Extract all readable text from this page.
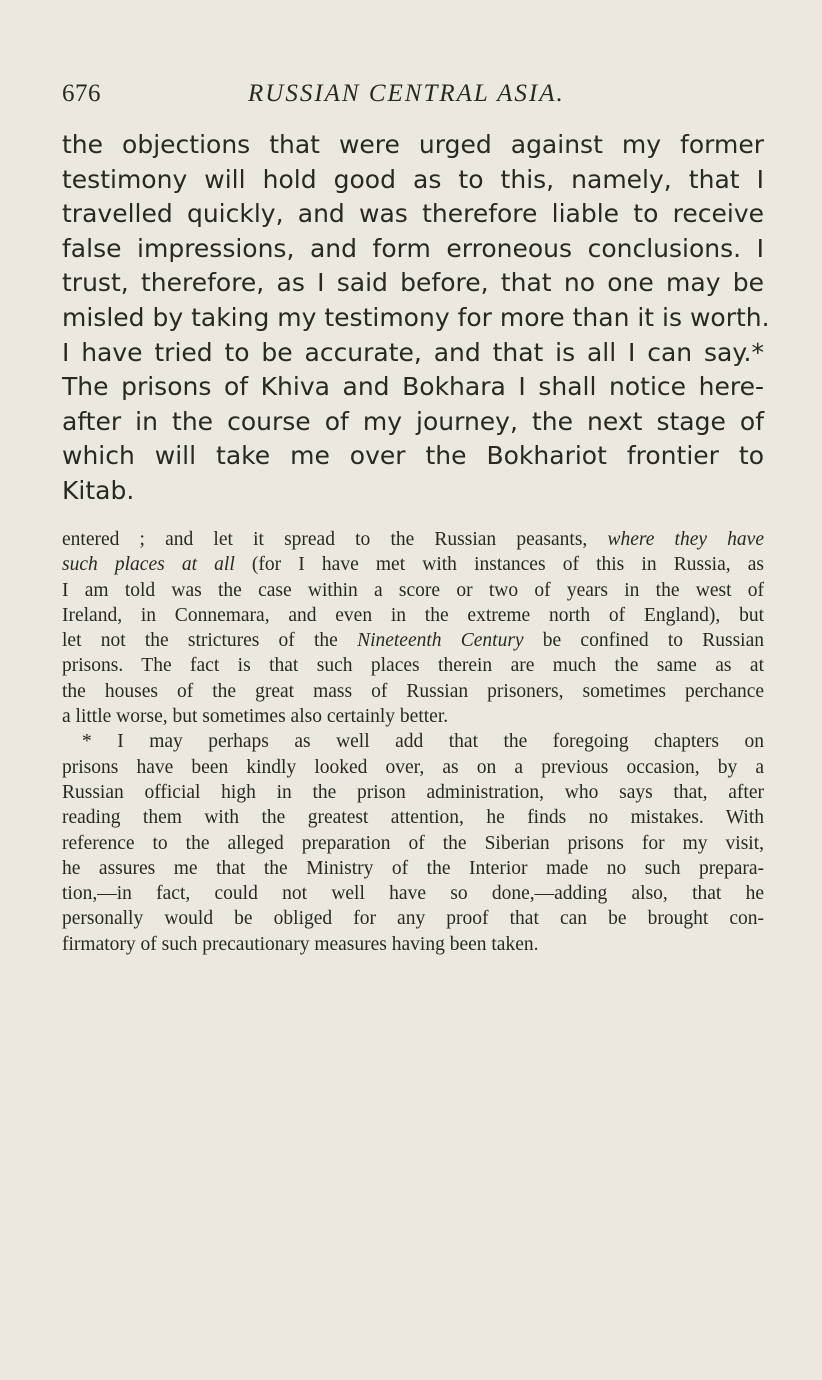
676	RUSSIAN CENTRAL ASIA.
the objections that were urged against my former
testimony will hold good as to this, namely, that I
travelled quickly, and was therefore liable to receive
false impressions, and form erroneous conclusions. I
trust, therefore, as I said before, that no one may be
misled by taking my testimony for more than it is worth.
I have tried to be accurate, and that is all I can say.*
The prisons of Khiva and Bokhara I shall notice here-
after in the course of my journey, the next stage of
which will take me over the Bokhariot frontier to
Kitab.
entered ; and let it spread to the Russian peasants, where they have
such places at all (for I have met with instances of this in Russia, as
I am told was the case within a score or two of years in the west of
Ireland, in Connemara, and even in the extreme north of England), but
let not the strictures of the Nineteenth Century be confined to Russian
prisons. The fact is that such places therein are much the same as at
the houses of the great mass of Russian prisoners, sometimes perchance
a little worse, but sometimes also certainly better.
* I may perhaps as well add that the foregoing chapters on
prisons have been kindly looked over, as on a previous occasion, by a
Russian official high in the prison administration, who says that, after
reading them with the greatest attention, he finds no mistakes. With
reference to the alleged preparation of the Siberian prisons for my visit,
he assures me that the Ministry of the Interior made no such prepara-
tion,—in fact, could not well have so done,—adding also, that he
personally would be obliged for any proof that can be brought con-
firmatory of such precautionary measures having been taken.
